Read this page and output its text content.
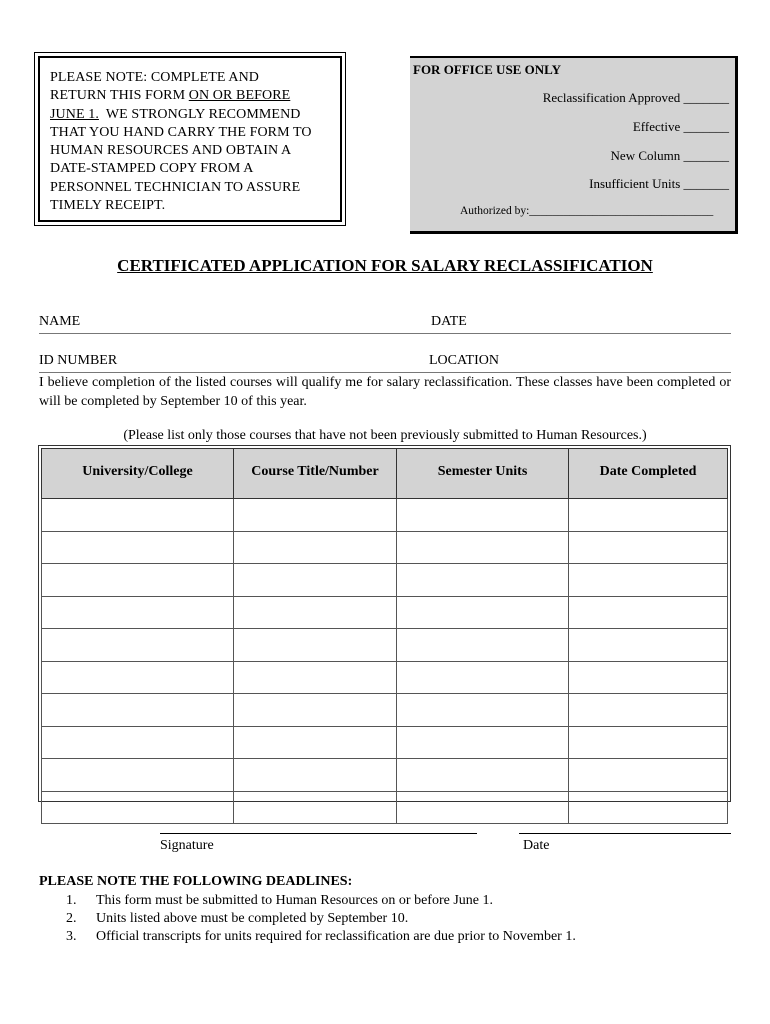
PLEASE NOTE: COMPLETE AND
RETURN THIS FORM ON OR BEFORE
JUNE 1.  WE STRONGLY RECOMMEND
THAT YOU HAND CARRY THE FORM TO
HUMAN RESOURCES AND OBTAIN A
DATE-STAMPED COPY FROM A
PERSONNEL TECHNICIAN TO ASSURE
TIMELY RECEIPT.
FOR OFFICE USE ONLY
Reclassification Approved _______
Effective _______
New Column _______
Insufficient Units _______
Authorized by:________________________________
CERTIFICATED APPLICATION FOR SALARY RECLASSIFICATION
NAME	DATE
ID NUMBER	LOCATION
I believe completion of the listed courses will qualify me for salary reclassification. These classes have been completed or will be completed by September 10 of this year.
(Please list only those courses that have not been previously submitted to Human Resources.)
University/College	Course Title/Number	Semester Units	Date Completed

Signature	Date
PLEASE NOTE THE FOLLOWING DEADLINES:
1. This form must be submitted to Human Resources on or before June 1.
2. Units listed above must be completed by September 10.
3. Official transcripts for units required for reclassification are due prior to November 1.
